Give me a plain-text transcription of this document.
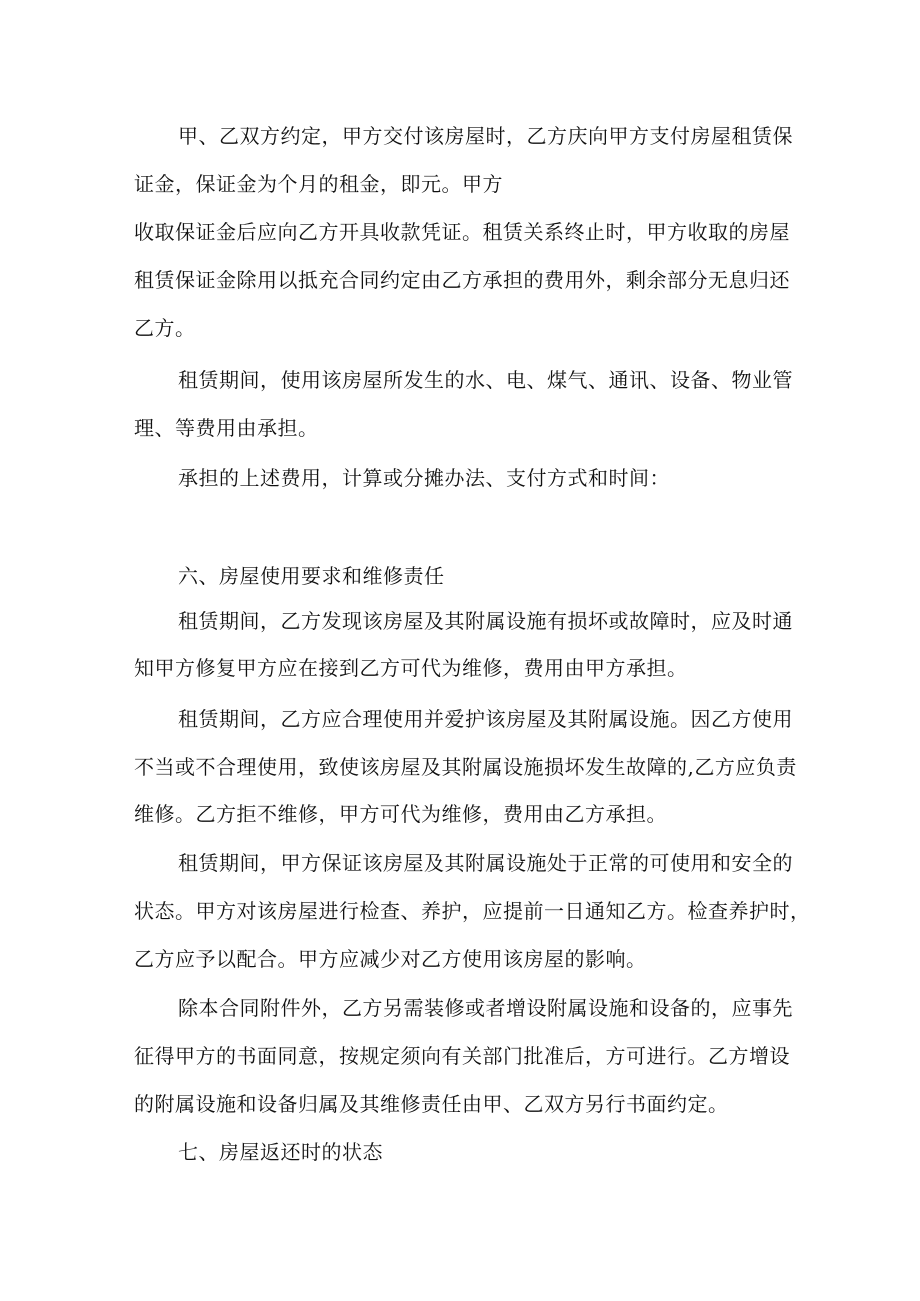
甲、乙双方约定，甲方交付该房屋时，乙方庆向甲方支付房屋租赁保
证金，保证金为个月的租金，即元。甲方
收取保证金后应向乙方开具收款凭证。租赁关系终止时，甲方收取的房屋
租赁保证金除用以抵充合同约定由乙方承担的费用外，剩余部分无息归还
乙方。
租赁期间，使用该房屋所发生的水、电、煤气、通讯、设备、物业管
理、等费用由承担。
承担的上述费用，计算或分摊办法、支付方式和时间：
六、房屋使用要求和维修责任
租赁期间，乙方发现该房屋及其附属设施有损坏或故障时，应及时通
知甲方修复甲方应在接到乙方可代为维修，费用由甲方承担。
租赁期间，乙方应合理使用并爱护该房屋及其附属设施。因乙方使用
不当或不合理使用，致使该房屋及其附属设施损坏发生故障的,乙方应负责
维修。乙方拒不维修，甲方可代为维修，费用由乙方承担。
租赁期间，甲方保证该房屋及其附属设施处于正常的可使用和安全的
状态。甲方对该房屋进行检查、养护，应提前一日通知乙方。检查养护时，
乙方应予以配合。甲方应减少对乙方使用该房屋的影响。
除本合同附件外，乙方另需装修或者增设附属设施和设备的，应事先
征得甲方的书面同意，按规定须向有关部门批准后，方可进行。乙方增设
的附属设施和设备归属及其维修责任由甲、乙双方另行书面约定。
七、房屋返还时的状态
